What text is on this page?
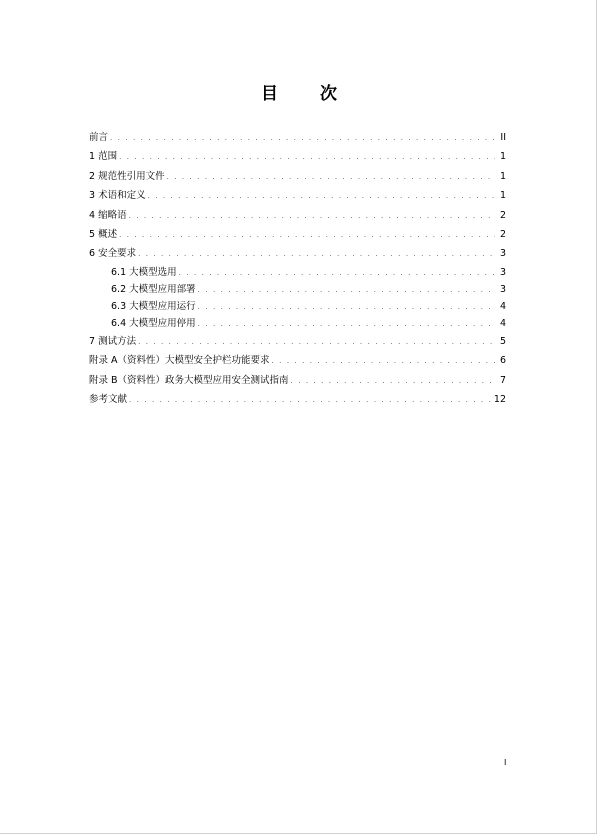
目 次
前言 . . .	II
1 范围 . . .	1
2 规范性引用文件 . . .	1
3 术语和定义 . . .	1
4 缩略语 . . .	2
5 概述 . . .	2
6 安全要求 . . .	3
6.1 大模型选用 . . .	3
6.2 大模型应用部署 . . .	3
6.3 大模型应用运行 . . .	4
6.4 大模型应用停用 . . .	4
7 测试方法 . . .	5
附录 A（资料性）大模型安全护栏功能要求 . . .	6
附录 B（资料性）政务大模型应用安全测试指南 . . .	7
参考文献 . . .	12
I
